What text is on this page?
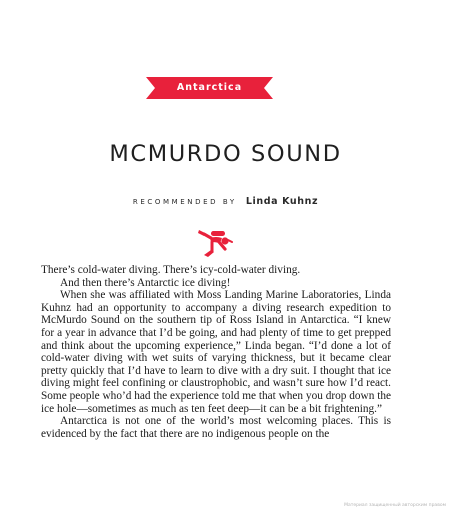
Antarctica
MCMURDO SOUND
RECOMMENDED BY Linda Kuhnz

There’s cold-water diving. There’s icy-cold-water diving.

And then there’s Antarctic ice diving!

When she was affiliated with Moss Landing Marine Laboratories, Linda Kuhnz had an opportunity to accompany a diving research expedition to McMurdo Sound on the southern tip of Ross Island in Antarctica. “I knew for a year in advance that I’d be going, and had plenty of time to get prepped and think about the upcoming experience,” Linda began. “I’d done a lot of cold-water diving with wet suits of varying thickness, but it became clear pretty quickly that I’d have to learn to dive with a dry suit. I thought that ice diving might feel confining or claustrophobic, and wasn’t sure how I’d react. Some people who’d had the experience told me that when you drop down the ice hole—sometimes as much as ten feet deep—it can be a bit frightening.”

Antarctica is not one of the world’s most welcoming places. This is evidenced by the fact that there are no indigenous people on the

Материал защищенный авторским правом
